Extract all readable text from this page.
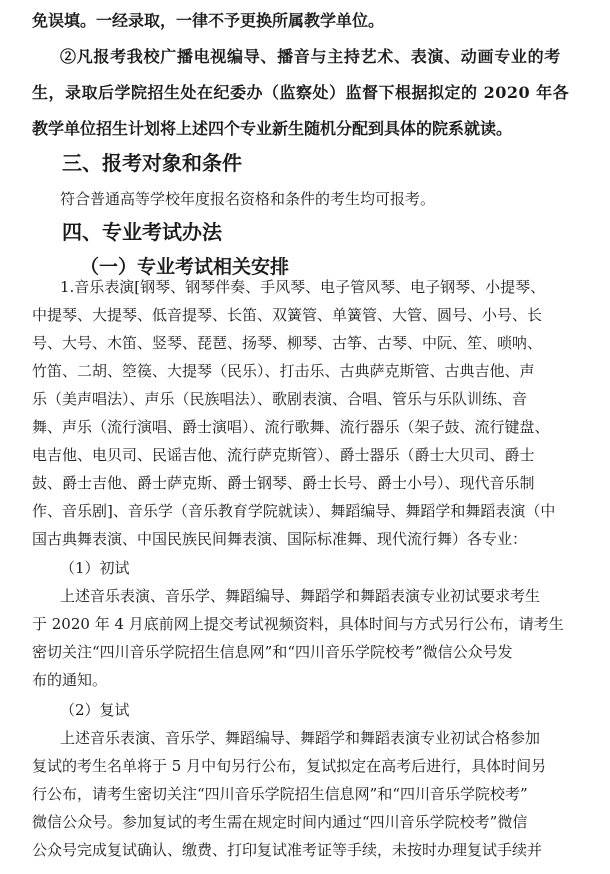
免误填。一经录取，一律不予更换所属教学单位。
②凡报考我校广播电视编导、播音与主持艺术、表演、动画专业的考
生，录取后学院招生处在纪委办（监察处）监督下根据拟定的 2020 年各
教学单位招生计划将上述四个专业新生随机分配到具体的院系就读。
三、报考对象和条件
符合普通高等学校年度报名资格和条件的考生均可报考。
四、专业考试办法
（一）专业考试相关安排
1.音乐表演[钢琴、钢琴伴奏、手风琴、电子管风琴、电子钢琴、小提琴、
中提琴、大提琴、低音提琴、长笛、双簧管、单簧管、大管、圆号、小号、长
号、大号、木笛、竖琴、琵琶、扬琴、柳琴、古筝、古琴、中阮、笙、唢呐、
竹笛、二胡、箜篌、大提琴（民乐）、打击乐、古典萨克斯管、古典吉他、声
乐（美声唱法）、声乐（民族唱法）、歌剧表演、合唱、管乐与乐队训练、音
舞、声乐（流行演唱、爵士演唱）、流行歌舞、流行器乐（架子鼓、流行键盘、
电吉他、电贝司、民谣吉他、流行萨克斯管）、爵士器乐（爵士大贝司、爵士
鼓、爵士吉他、爵士萨克斯、爵士钢琴、爵士长号、爵士小号）、现代音乐制
作、音乐剧]、音乐学（音乐教育学院就读）、舞蹈编导、舞蹈学和舞蹈表演（中
国古典舞表演、中国民族民间舞表演、国际标准舞、现代流行舞）各专业：
（1）初试
上述音乐表演、音乐学、舞蹈编导、舞蹈学和舞蹈表演专业初试要求考生
于 2020 年 4 月底前网上提交考试视频资料，具体时间与方式另行公布，请考生
密切关注“四川音乐学院招生信息网”和“四川音乐学院校考”微信公众号发
布的通知。
（2）复试
上述音乐表演、音乐学、舞蹈编导、舞蹈学和舞蹈表演专业初试合格参加
复试的考生名单将于 5 月中旬另行公布，复试拟定在高考后进行，具体时间另
行公布，请考生密切关注“四川音乐学院招生信息网”和“四川音乐学院校考”
微信公众号。参加复试的考生需在规定时间内通过“四川音乐学院校考”微信
公众号完成复试确认、缴费、打印复试准考证等手续，未按时办理复试手续并
